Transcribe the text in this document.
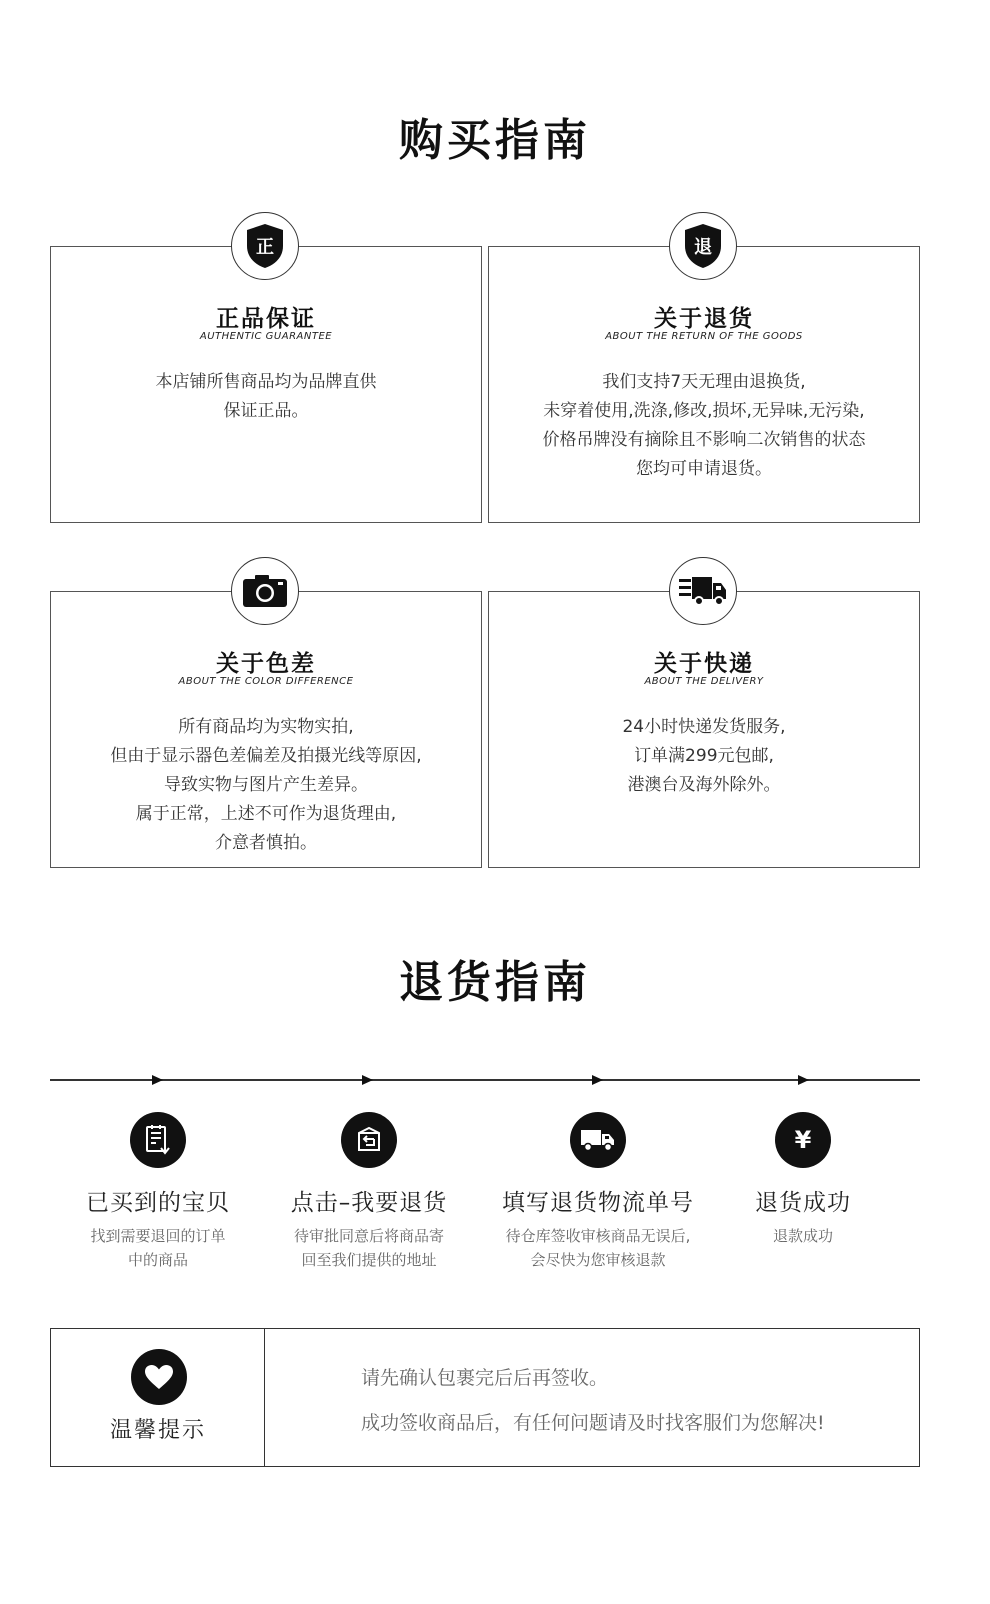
购买指南
正品保证
AUTHENTIC GUARANTEE
本店铺所售商品均为品牌直供
保证正品。
正
关于退货
ABOUT THE RETURN OF THE GOODS
我们支持7天无理由退换货,
未穿着使用,洗涤,修改,损坏,无异味,无污染,
价格吊牌没有摘除且不影响二次销售的状态
您均可申请退货。
退
关于色差
ABOUT THE COLOR DIFFERENCE
所有商品均为实物实拍,
但由于显示器色差偏差及拍摄光线等原因,
导致实物与图片产生差异。
属于正常，上述不可作为退货理由,
介意者慎拍。
关于快递
ABOUT THE DELIVERY
24小时快递发货服务,
订单满299元包邮,
港澳台及海外除外。
退货指南
已买到的宝贝
找到需要退回的订单
中的商品
点击–我要退货
待审批同意后将商品寄
回至我们提供的地址
填写退货物流单号
待仓库签收审核商品无误后,
会尽快为您审核退款
¥
退货成功
退款成功
温馨提示
请先确认包裹完后后再签收。
成功签收商品后，有任何问题请及时找客服们为您解决!
